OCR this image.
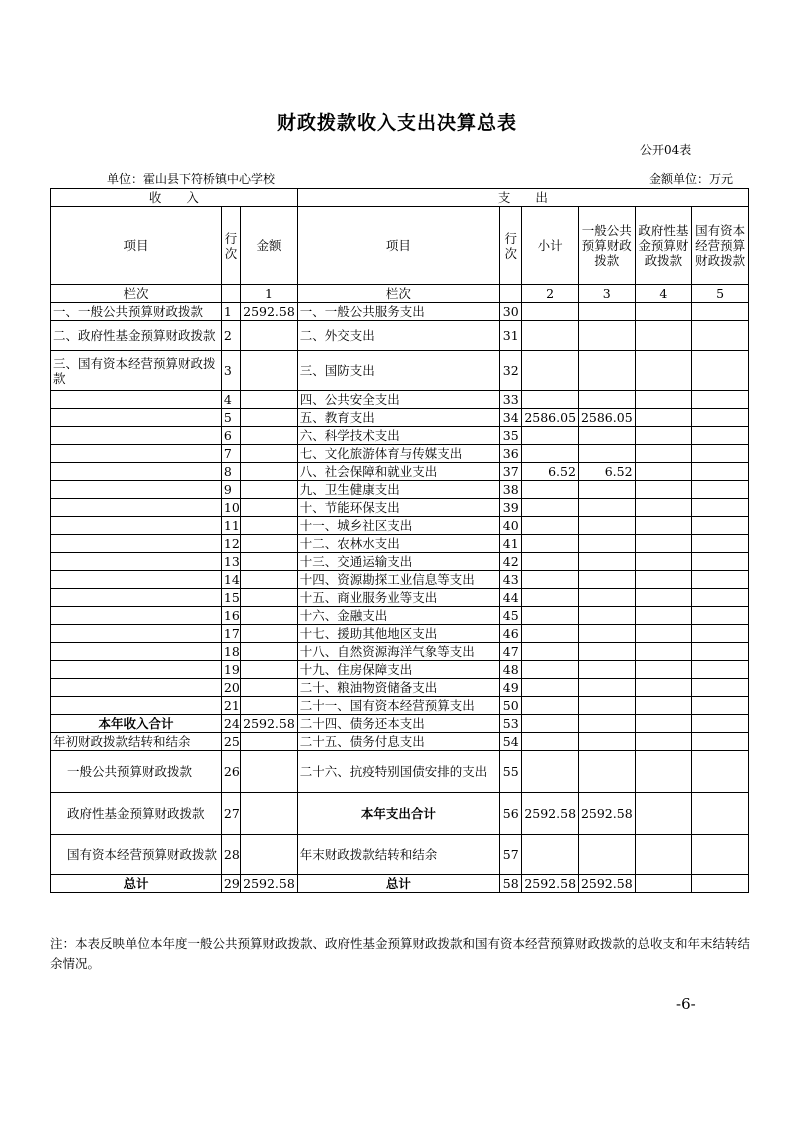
财政拨款收入支出决算总表
公开04表
单位：霍山县下符桥镇中心学校	金额单位：万元
收　　入			支　　出					
项目	行次	金额	项目	行次	小计	一般公共预算财政拨款	政府性基金预算财政拨款	国有资本经营预算财政拨款
栏次		1	栏次		2	3	4	5
一、一般公共预算财政拨款	1	2592.58	一、一般公共服务支出	30				
二、政府性基金预算财政拨款	2		二、外交支出	31				
三、国有资本经营预算财政拨款	3		三、国防支出	32				
	4		四、公共安全支出	33				
	5		五、教育支出	34	2586.05	2586.05		
	6		六、科学技术支出	35				
	7		七、文化旅游体育与传媒支出	36				
	8		八、社会保障和就业支出	37	6.52	6.52		
	9		九、卫生健康支出	38				
	10		十、节能环保支出	39				
	11		十一、城乡社区支出	40				
	12		十二、农林水支出	41				
	13		十三、交通运输支出	42				
	14		十四、资源勘探工业信息等支出	43				
	15		十五、商业服务业等支出	44				
	16		十六、金融支出	45				
	17		十七、援助其他地区支出	46				
	18		十八、自然资源海洋气象等支出	47				
	19		十九、住房保障支出	48				
	20		二十、粮油物资储备支出	49				
	21		二十一、国有资本经营预算支出	50				
本年收入合计	24	2592.58	二十四、债务还本支出	53				
年初财政拨款结转和结余	25		二十五、债务付息支出	54				
一般公共预算财政拨款	26		二十六、抗疫特别国债安排的支出	55				
政府性基金预算财政拨款	27		本年支出合计	56	2592.58	2592.58		
国有资本经营预算财政拨款	28		年末财政拨款结转和结余	57				
总计	29	2592.58	总计	58	2592.58	2592.58		
注：本表反映单位本年度一般公共预算财政拨款、政府性基金预算财政拨款和国有资本经营预算财政拨款的总收支和年末结转结余情况。
-6-
